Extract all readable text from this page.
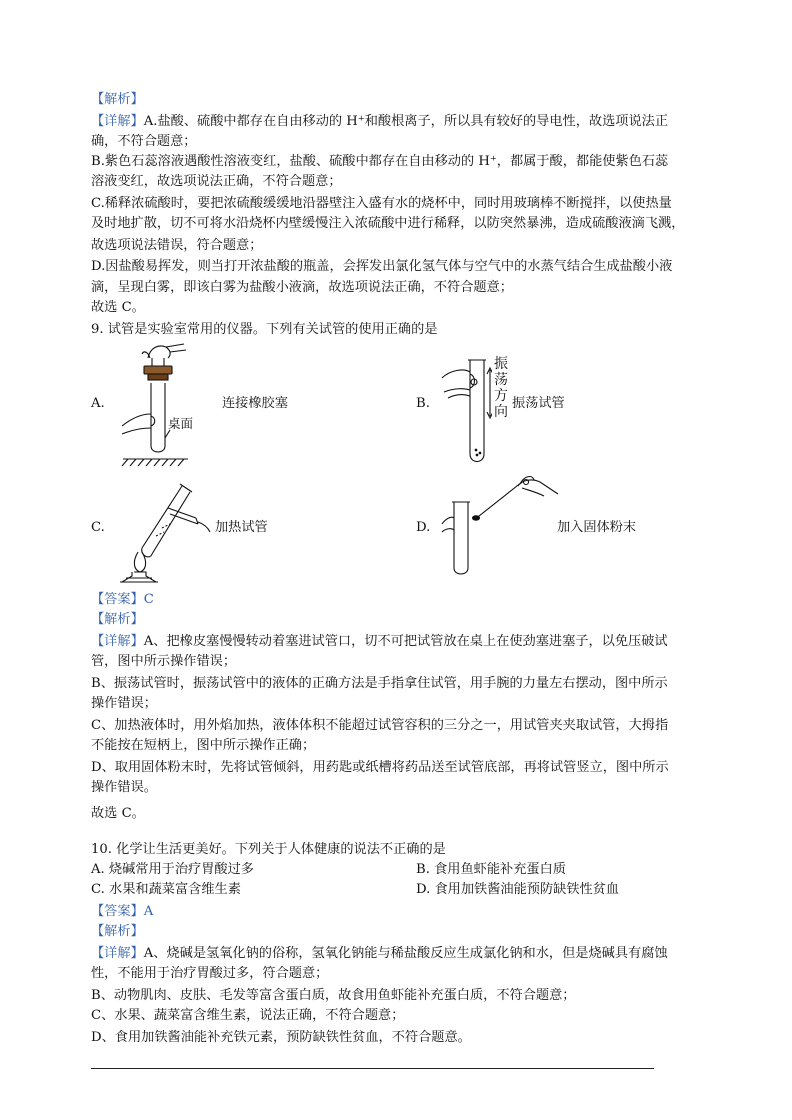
【解析】
【详解】A.盐酸、硫酸中都存在自由移动的 H⁺和酸根离子，所以具有较好的导电性，故选项说法正
确，不符合题意；
B.紫色石蕊溶液遇酸性溶液变红，盐酸、硫酸中都存在自由移动的 H⁺，都属于酸，都能使紫色石蕊
溶液变红，故选项说法正确，不符合题意；
C.稀释浓硫酸时，要把浓硫酸缓缓地沿器壁注入盛有水的烧杯中，同时用玻璃棒不断搅拌，以使热量
及时地扩散，切不可将水沿烧杯内壁缓慢注入浓硫酸中进行稀释，以防突然暴沸，造成硫酸液滴飞溅，
故选项说法错误，符合题意；
D.因盐酸易挥发，则当打开浓盐酸的瓶盖，会挥发出氯化氢气体与空气中的水蒸气结合生成盐酸小液
滴，呈现白雾，即该白雾为盐酸小液滴，故选项说法正确，不符合题意；
故选 C。
9. 试管是实验室常用的仪器。下列有关试管的使用正确的是
A.
桌面
连接橡胶塞	B.
振
荡
方
向
振荡试管
C.	加热试管	D.	加入固体粉末
【答案】C
【解析】
【详解】A、把橡皮塞慢慢转动着塞进试管口，切不可把试管放在桌上在使劲塞进塞子，以免压破试
管，图中所示操作错误；
B、振荡试管时，振荡试管中的液体的正确方法是手指拿住试管，用手腕的力量左右摆动，图中所示
操作错误；
C、加热液体时，用外焰加热，液体体积不能超过试管容积的三分之一，用试管夹夹取试管，大拇指
不能按在短柄上，图中所示操作正确；
D、取用固体粉末时，先将试管倾斜，用药匙或纸槽将药品送至试管底部，再将试管竖立，图中所示
操作错误。
故选 C。
10. 化学让生活更美好。下列关于人体健康的说法不正确的是
A. 烧碱常用于治疗胃酸过多	B. 食用鱼虾能补充蛋白质
C. 水果和蔬菜富含维生素	D. 食用加铁酱油能预防缺铁性贫血
【答案】A
【解析】
【详解】A、烧碱是氢氧化钠的俗称，氢氧化钠能与稀盐酸反应生成氯化钠和水，但是烧碱具有腐蚀
性，不能用于治疗胃酸过多，符合题意；
B、动物肌肉、皮肤、毛发等富含蛋白质，故食用鱼虾能补充蛋白质，不符合题意；
C、水果、蔬菜富含维生素，说法正确，不符合题意；
D、食用加铁酱油能补充铁元素，预防缺铁性贫血，不符合题意。
